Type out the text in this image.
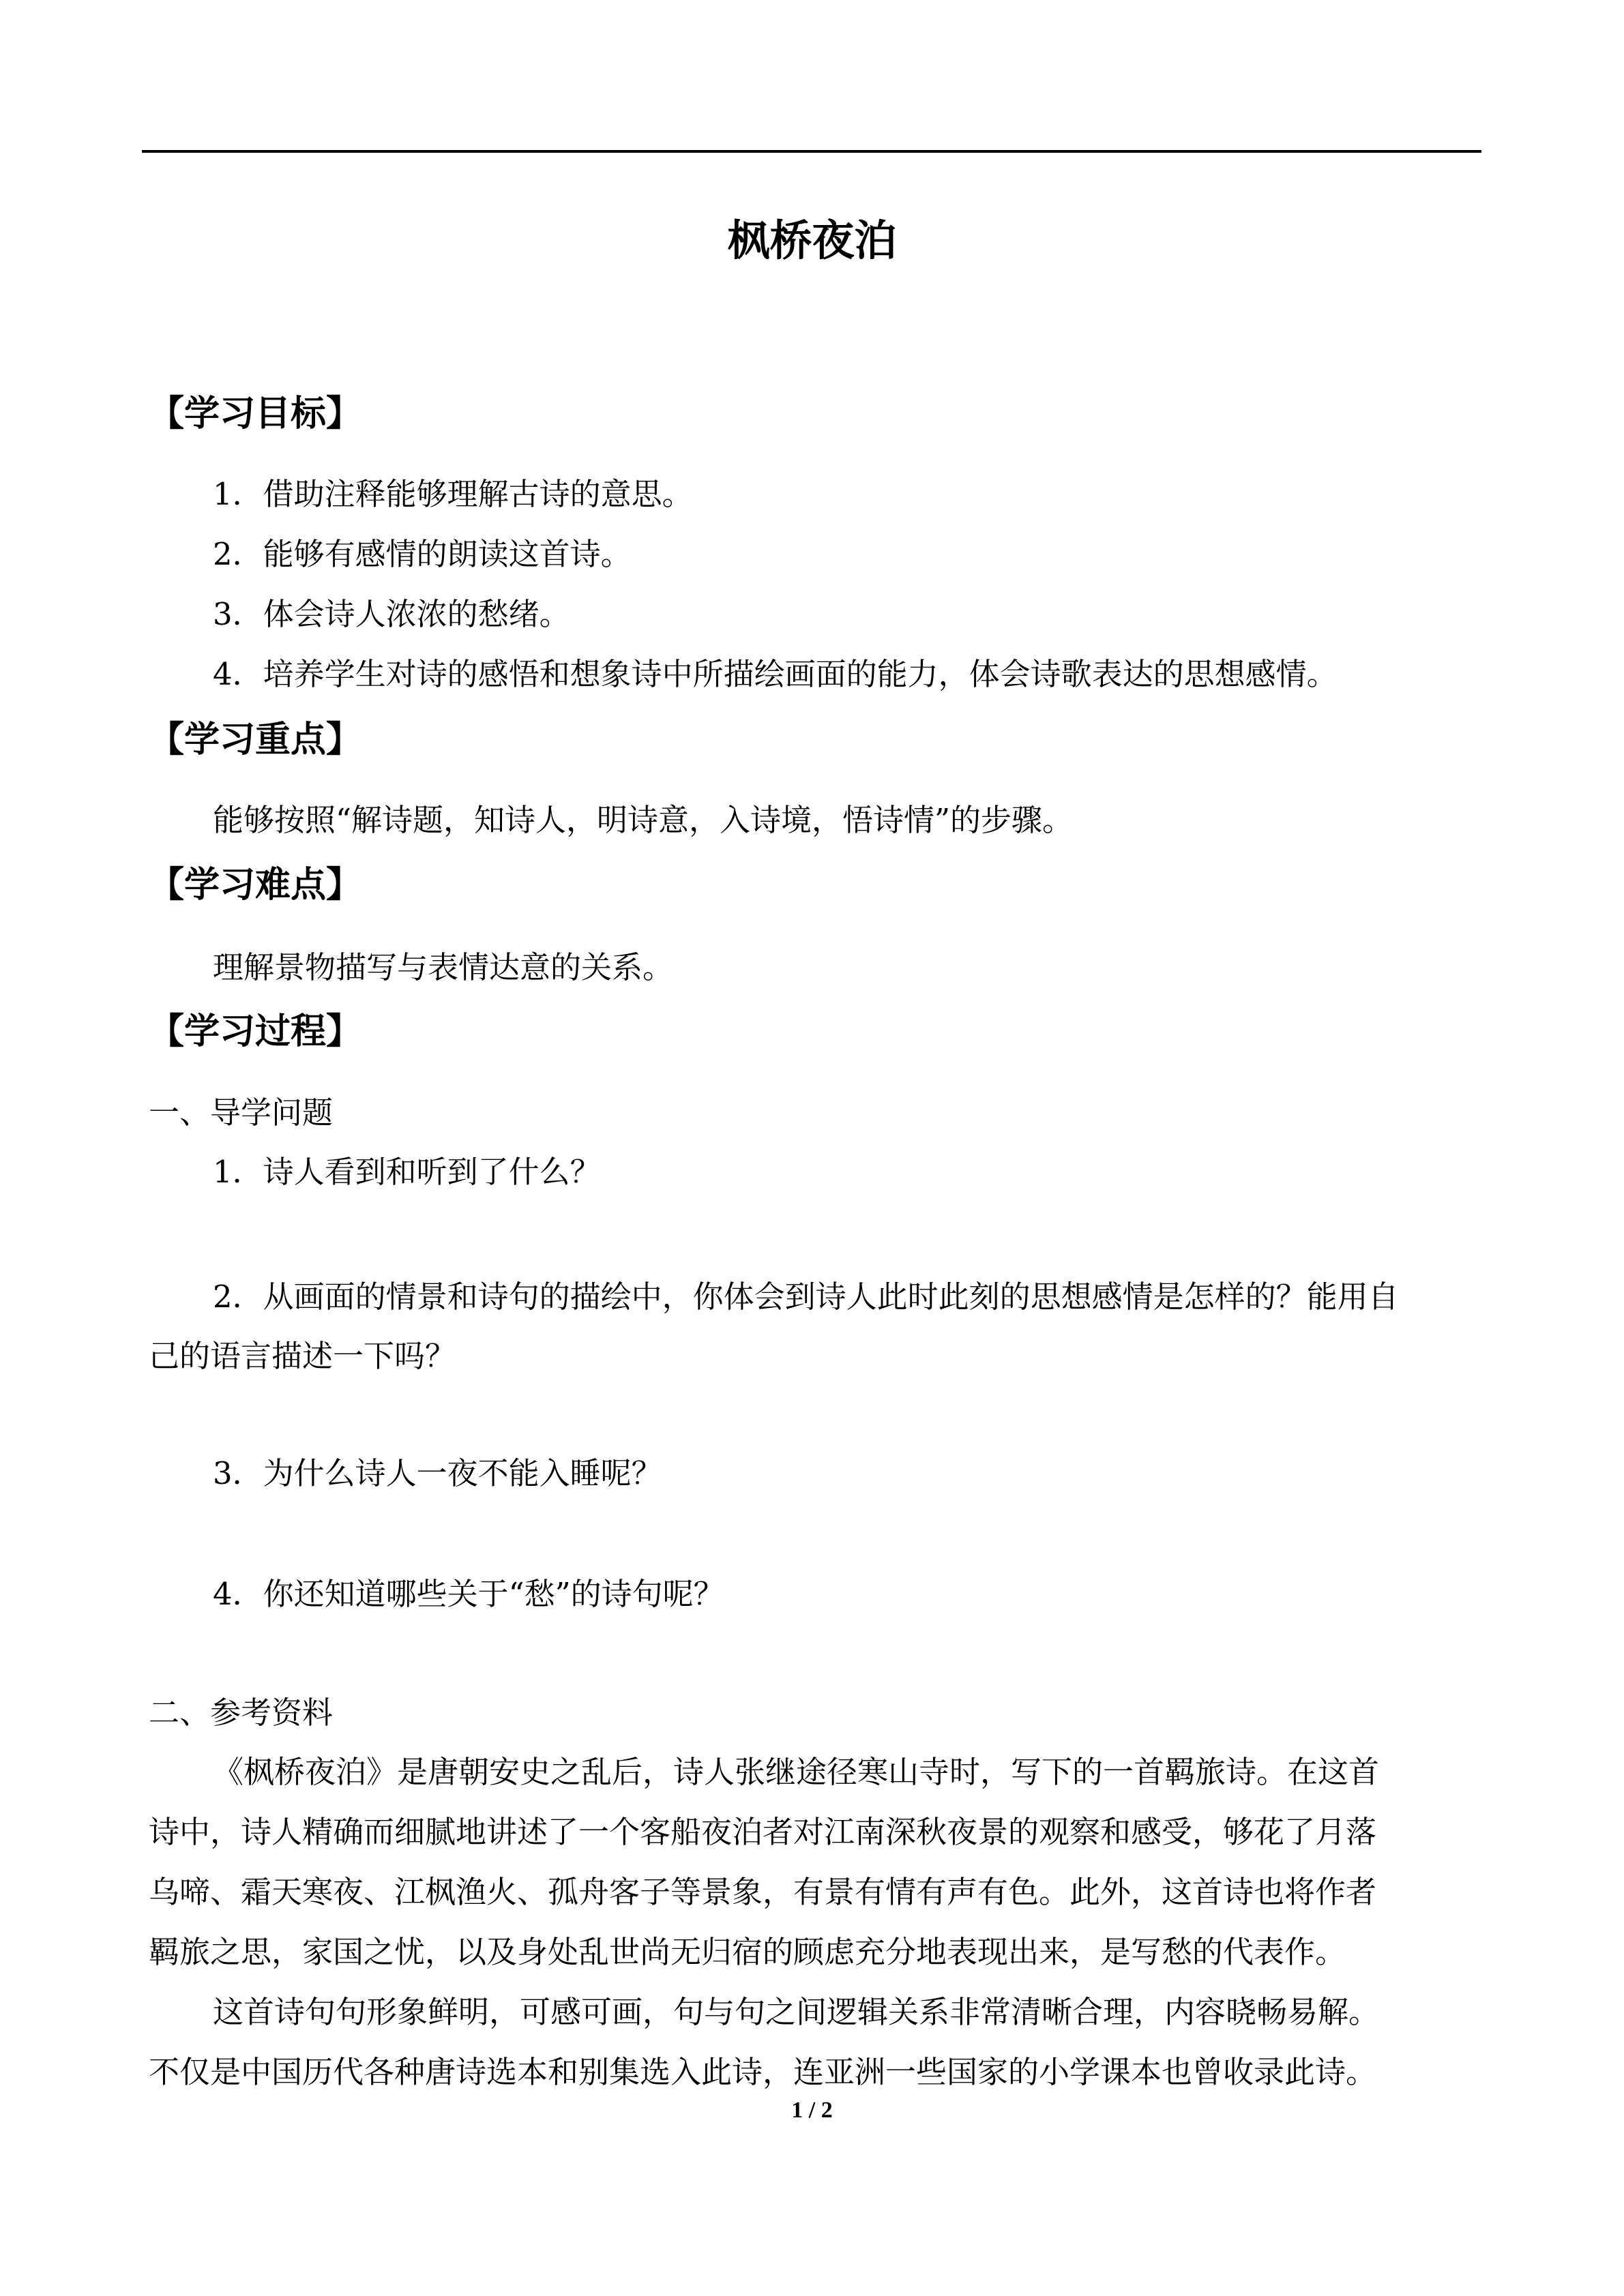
枫桥夜泊
【学习目标】
1．借助注释能够理解古诗的意思。
2．能够有感情的朗读这首诗。
3．体会诗人浓浓的愁绪。
4．培养学生对诗的感悟和想象诗中所描绘画面的能力，体会诗歌表达的思想感情。
【学习重点】
能够按照“解诗题，知诗人，明诗意，入诗境，悟诗情”的步骤。
【学习难点】
理解景物描写与表情达意的关系。
【学习过程】
一、导学问题
1．诗人看到和听到了什么？
2．从画面的情景和诗句的描绘中，你体会到诗人此时此刻的思想感情是怎样的？能用自
己的语言描述一下吗？
3．为什么诗人一夜不能入睡呢？
4．你还知道哪些关于“愁”的诗句呢？
二、参考资料
《枫桥夜泊》是唐朝安史之乱后，诗人张继途径寒山寺时，写下的一首羁旅诗。在这首
诗中，诗人精确而细腻地讲述了一个客船夜泊者对江南深秋夜景的观察和感受，够花了月落
乌啼、霜天寒夜、江枫渔火、孤舟客子等景象，有景有情有声有色。此外，这首诗也将作者
羁旅之思，家国之忧，以及身处乱世尚无归宿的顾虑充分地表现出来，是写愁的代表作。
这首诗句句形象鲜明，可感可画，句与句之间逻辑关系非常清晰合理，内容晓畅易解。
不仅是中国历代各种唐诗选本和别集选入此诗，连亚洲一些国家的小学课本也曾收录此诗。
1 / 2
